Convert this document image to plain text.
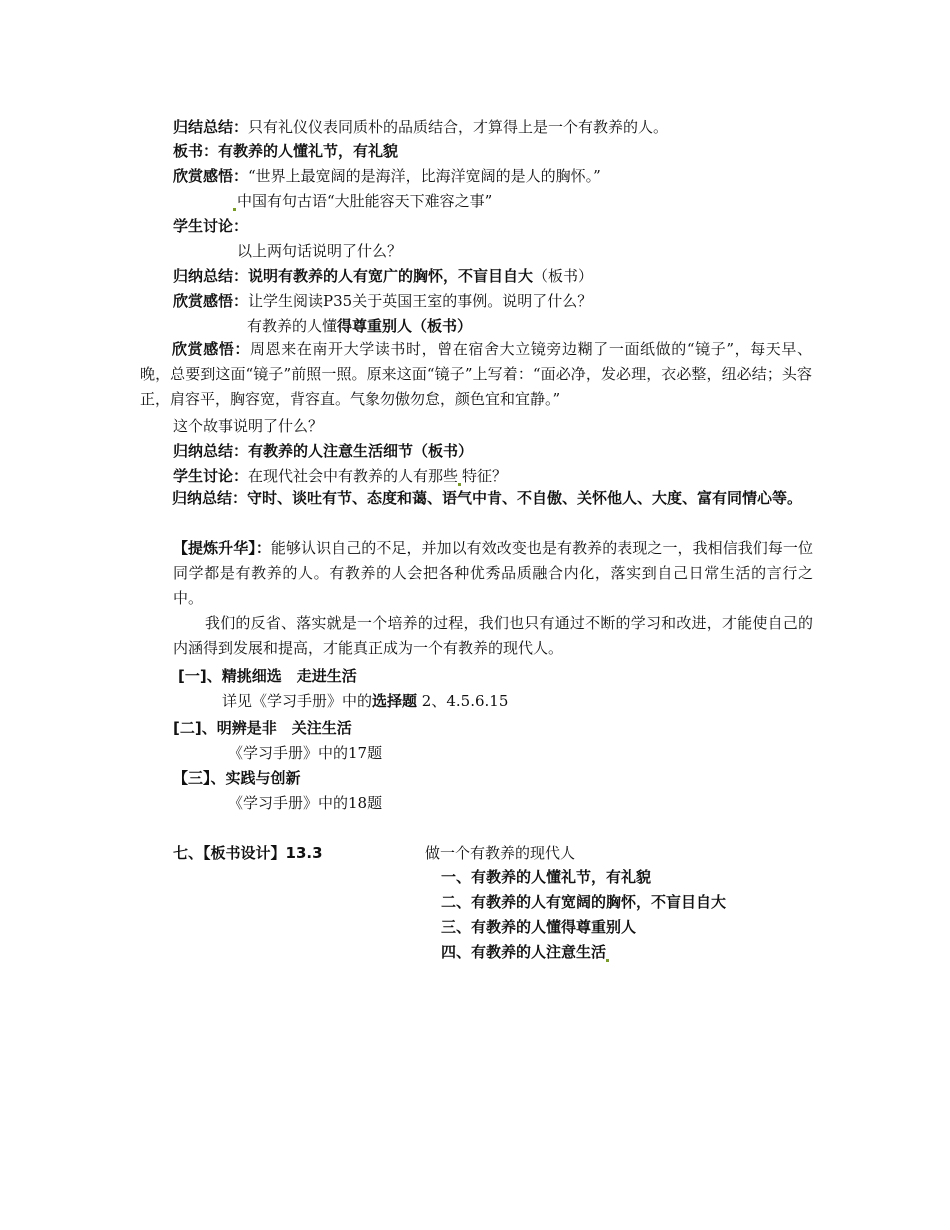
归结总结：只有礼仪仪表同质朴的品质结合，才算得上是一个有教养的人。
板书：有教养的人懂礼节，有礼貌
欣赏感悟：“世界上最宽阔的是海洋，比海洋宽阔的是人的胸怀。”
中国有句古语“大肚能容天下难容之事”
学生讨论：
以上两句话说明了什么？
归纳总结：说明有教养的人有宽广的胸怀，不盲目自大（板书）
欣赏感悟：让学生阅读P35关于英国王室的事例。说明了什么？
有教养的人懂得尊重别人（板书）
欣赏感悟：周恩来在南开大学读书时，曾在宿舍大立镜旁边糊了一面纸做的“镜子”，每天早、晚，总要到这面“镜子”前照一照。原来这面“镜子”上写着：“面必净，发必理，衣必整，纽必结；头容正，肩容平，胸容宽，背容直。气象勿傲勿怠，颜色宜和宜静。”
这个故事说明了什么？
归纳总结：有教养的人注意生活细节（板书）
学生讨论：在现代社会中有教养的人有那些 特征？
归纳总结：守时、谈吐有节、态度和蔼、语气中肯、不自傲、关怀他人、大度、富有同情心等。
【提炼升华】：能够认识自己的不足，并加以有效改变也是有教养的表现之一，我相信我们每一位同学都是有教养的人。有教养的人会把各种优秀品质融合内化，落实到自己日常生活的言行之中。
我们的反省、落实就是一个培养的过程，我们也只有通过不断的学习和改进，才能使自己的内涵得到发展和提高，才能真正成为一个有教养的现代人。
[一]、精挑细选　走进生活
详见《学习手册》中的选择题 2、4.5.6.15
[二]、明辨是非　关注生活
《学习手册》中的17题
【三】、实践与创新
《学习手册》中的18题
七、【板书设计】13.3	做一个有教养的现代人
一、有教养的人懂礼节，有礼貌
二、有教养的人有宽阔的胸怀，不盲目自大
三、有教养的人懂得尊重别人
四、有教养的人注意生活
